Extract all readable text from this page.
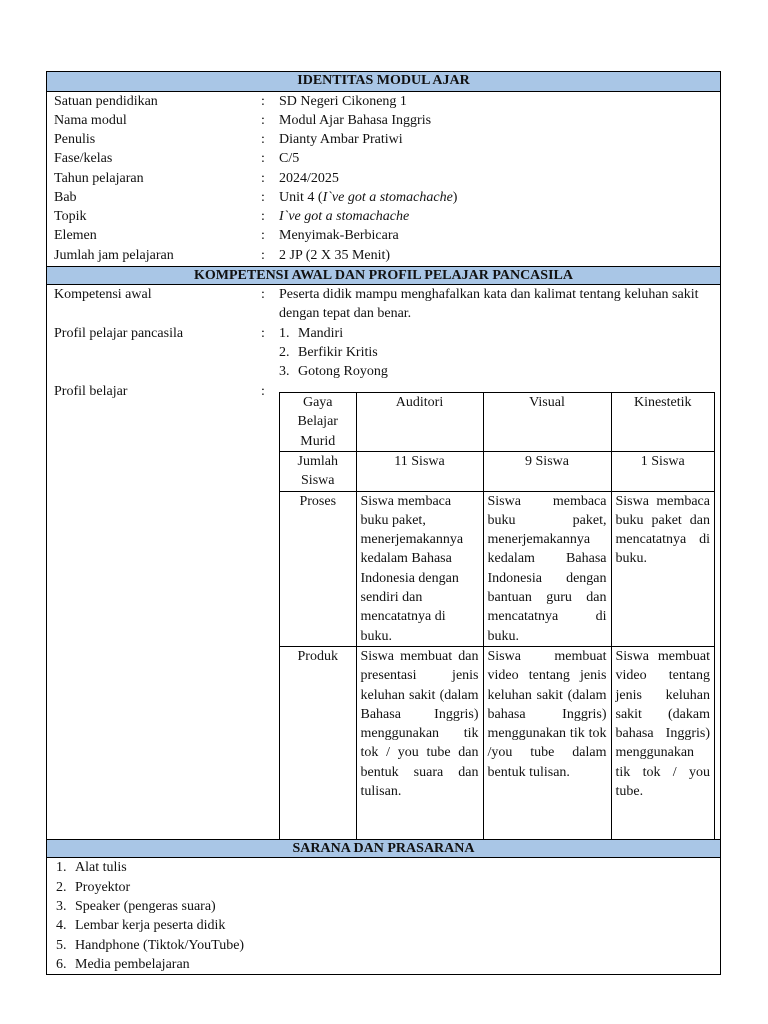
IDENTITAS MODUL AJAR
Satuan pendidikan	: SD Negeri Cikoneng 1
Nama modul	: Modul Ajar Bahasa Inggris
Penulis	: Dianty Ambar Pratiwi
Fase/kelas	: C/5
Tahun pelajaran	: 2024/2025
Bab	: Unit 4 (I`ve got a stomachache)
Topik	: I`ve got a stomachache
Elemen	: Menyimak-Berbicara
Jumlah jam pelajaran	: 2 JP (2 X 35 Menit)
KOMPETENSI AWAL DAN PROFIL PELAJAR PANCASILA
Kompetensi awal	: Peserta didik mampu menghafalkan kata dan kalimat tentang keluhan sakit dengan tepat dan benar.
Profil pelajar pancasila	: 1. Mandiri
2. Berfikir Kritis
3. Gotong Royong
Profil belajar	:
Gaya Belajar Murid	Auditori	Visual	Kinestetik
Jumlah Siswa	11 Siswa	9 Siswa	1 Siswa
Proses	Siswa membaca buku paket, menerjemakannya kedalam Bahasa Indonesia dengan sendiri dan mencatatnya di buku.	Siswa membaca buku paket, menerjemakannya kedalam Bahasa Indonesia dengan bantuan guru dan mencatatnya di buku.	Siswa membaca buku paket dan mencatatnya di buku.
Produk	Siswa membuat dan presentasi jenis keluhan sakit (dalam Bahasa Inggris) menggunakan tik tok / you tube dan bentuk suara dan tulisan.	Siswa membuat video tentang jenis keluhan sakit (dalam bahasa Inggris) menggunakan tik tok /you tube dalam bentuk tulisan.	Siswa membuat video tentang jenis keluhan sakit (dakam bahasa Inggris) menggunakan tik tok / you tube.
SARANA DAN PRASARANA
1. Alat tulis
2. Proyektor
3. Speaker (pengeras suara)
4. Lembar kerja peserta didik
5. Handphone (Tiktok/YouTube)
6. Media pembelajaran
